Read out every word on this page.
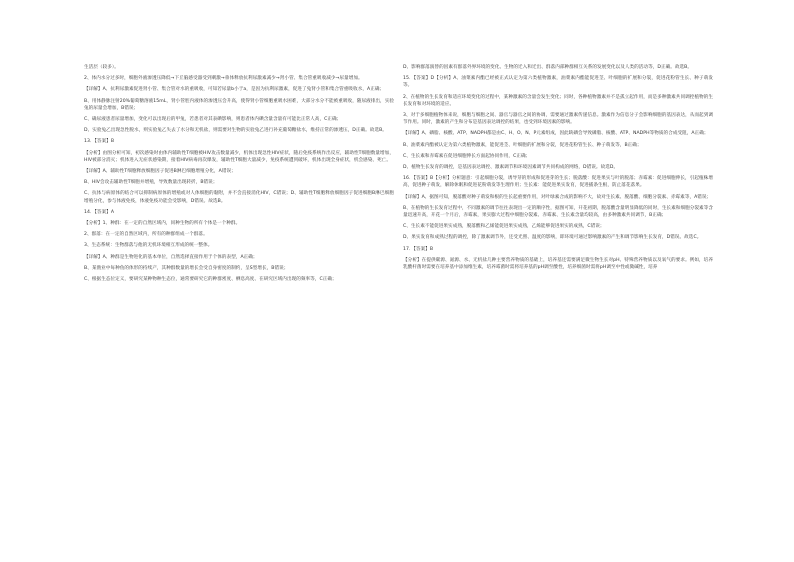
生活层（较多）。

2、体内水分过多时，细胞外液渗透压降低→下丘脑感受器受到刺激→垂体释放抗利尿激素减少→肾小管、集合管重吸收减少→尿量增加。

【详解】A、抗利尿激素促进肾小管、集合管对水的重吸收，可知若尿量b小于a，是因为抗利尿激素，促进了兔肾小管和集合管重吸收水，A正确；

B、用体静脉注射20%葡萄糖溶液15mL，肾小管腔内液体的渗透压会升高，使得肾小管细胞重吸水困难，大部分水分不能被重吸收，随尿液排出，实验兔的尿量会增加，B错误；

C、确尿液患者尿量增加，变化可以出现后的甲兔，若患者对其表碘影响，则患者体内碘含量含量有可能比正常人高，C正确；

D、实验兔乙出现急性脱水，则实验兔乙失去了水分和无机盐，则需要对生物的实验兔乙进行补充葡萄糖盐水，维持正常的渗透压，D正确。故选B。

13．【答案】B

【分析】由图分析可知，初次感染时由体内辅助性T细胞被HIV攻击数量减少，机体出现急性HIV症状，随后免疫系统作出反应，辅助性T细胞数量增加，HIV被部分消灭；机体进入无症状感染期，接着HIV病毒再次爆发，辅助性T细胞大量减少，免疫系统遭到破坏，机体出现全身症状，机会感染、死亡。

【详解】A、辅助性T细胞释放细胞因子促进B淋巴细胞增殖分化，A错误；

B、HIV会攻击辅助性T细胞并增殖，导致数量出现转折，B错误；

C、抗体与病原体的结合可以抑制病原体的增殖或对人体细胞的黏附，并不会直接消化HIV，C错误；D、辅助性T细胞释放细胞因子促进细胞B淋巴细胞增殖分化，参与体液免疫，体液免疫功能会受影响，D错误。故选B。

14．【答案】A

【分析】1、种群：在一定的自然区域内，同种生物的所有个体是一个种群。

2、群落：在一定的自然区域内，所有的种群组成一个群落。

3、生态系统：生物群落与他的无机环境相互形成的统一整体。

【详解】A、种群是生物进化的基本单位，自然选择直接作用于个体的表型，A正确；

B、某渔业中每种鱼的体形的持续产，其种群数量的增长会受自身密度的制约，呈S型增长，B错误；

C、根据生态位定义，要研究某种物种生态位，通常要研究它的种群密度、栖息高度、在研究区域内出现的频率等，C正确；

D、影响群落演替的因素有群落外界环境的变化、生物的迁入和迁出、群落内部种群相互关系的发展变化以及人类的活动等，D正确。故选B。

15．【答案】D【分析】A、油菜素内酯已经被正式认定为第六类植物激素，油菜素内酯能促进茎、叶细胞的扩展和分裂，促进花粉管生长、种子萌发等。

2、在植物的生长发育和适应环境变化的过程中，某种激素的含量会发生变化；同时，各种植物激素并不是孤立起作用，而是多种激素共同调控植物的生长发育和对环境的适应。

3、对于多细胞植物体来说，细胞与细胞之间、器官与器官之间的协调，需要通过激素传递信息。激素作为信息分子会影响细胞的基因表达，从而起到调节作用。同时，激素的产生和分布是基因表达调控的结果，也受到环境因素的影响。

【详解】A、磷脂、核酸、ATP、NADPH都是由C、H、O、N、P元素组成，因此缺磷会导致磷脂、核酸、ATP、NADPH等物质的合成受阻，A正确；

B、油菜素内酯被认定为第六类植物激素，能促进茎、叶细胞的扩展和分裂，促进花粉管生长、种子萌发等，B正确；

C、生长素和赤霉素在促进细胞伸长方面起协同作用，C正确；

D、植物生长发育的调控，是基因表达调控、激素调节和环境因素调节共同构成的网络，D错误。故选D。

16．【答案】B【分析】分析题意：引起细胞分裂，诱导芽的形成和促进芽的生长；脱落酸：促进果实与叶的脱落；赤霉素：促进细胞伸长，引起植株增高，促进种子萌发，解除休眠和促进花粉萌发等生理作用；生长素：能促进果实发育，促进插条生根，防止落花落果。

【详解】A、据图可知，脱落酸对种子萌发和根的生长起重要作用，对叶绿素合成的影响不大，故对生长素、脱落酸、细胞分裂素、赤霉素等，A错误；

B、在植物的生长发育过程中，不同激素的调节往往表现出一定的顺序性，据图可知，开花初期，脱落酸含量明显降低的同时，生长素和细胞分裂素等含量迅速升高，开花一个月后，赤霉素，果实膨大过程中细胞分裂素、赤霉素、生长素含量均较高，由多种激素共同调节，B正确；

C、生长素不能促进果实成熟，脱落酸和乙烯能促进果实成熟，乙烯能够促进果实的成熟，C错误；

D、果实发育和成熟过程的调控，除了激素调节外，还受光照、温度的影响，即环境可通过影响激素的产生和调节影响生长发育，D错误。故选C。

17．【答案】B

【分析】在提供碳源、氮源、水、无机盐几种主要营养物质的基础上，培养基还需要满足微生物生长对pH、特殊营养物质以及氧气的要求。例如，培养乳酸杆菌时需要在培养基中添加维生素，培养霉菌时需将培养基的pH调至酸性，培养细菌时需将pH调至中性或微碱性，培养
